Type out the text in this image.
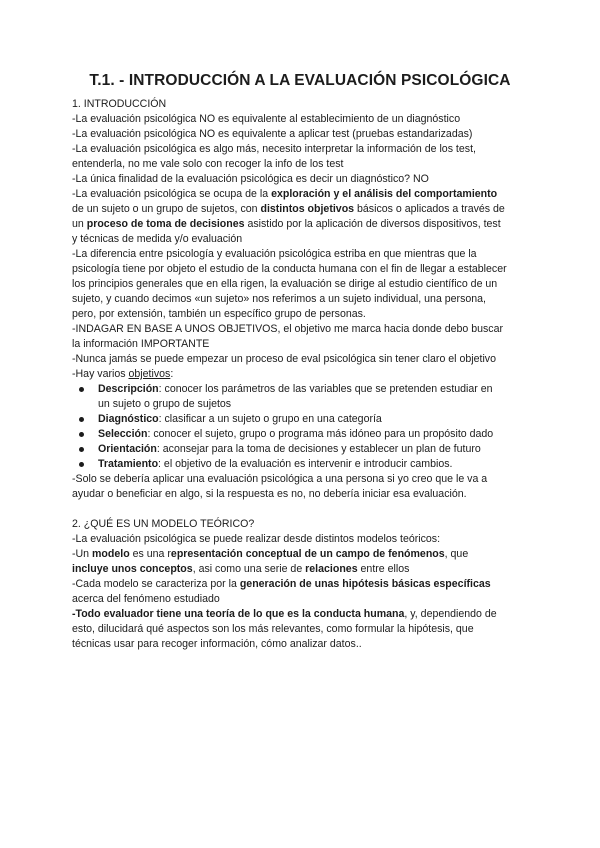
T.1. - INTRODUCCIÓN A LA EVALUACIÓN PSICOLÓGICA

1. INTRODUCCIÓN

-La evaluación psicológica NO es equivalente al establecimiento de un diagnóstico

-La evaluación psicológica NO es equivalente a aplicar test (pruebas estandarizadas)

-La evaluación psicológica es algo más, necesito interpretar la información de los test,

entenderla, no me vale solo con recoger la info de los test

-La única finalidad de la evaluación psicológica es decir un diagnóstico? NO

-La evaluación psicológica se ocupa de la exploración y el análisis del comportamiento

de un sujeto o un grupo de sujetos, con distintos objetivos básicos o aplicados a través de

un proceso de toma de decisiones asistido por la aplicación de diversos dispositivos, test

y técnicas de medida y/o evaluación

-La diferencia entre psicología y evaluación psicológica estriba en que mientras que la

psicología tiene por objeto el estudio de la conducta humana con el fin de llegar a establecer

los principios generales que en ella rigen, la evaluación se dirige al estudio científico de un

sujeto, y cuando decimos «un sujeto» nos referimos a un sujeto individual, una persona,

pero, por extensión, también un específico grupo de personas.

-INDAGAR EN BASE A UNOS OBJETIVOS, el objetivo me marca hacia donde debo buscar

la información IMPORTANTE

-Nunca jamás se puede empezar un proceso de eval psicológica sin tener claro el objetivo

-Hay varios objetivos:

Descripción: conocer los parámetros de las variables que se pretenden estudiar en
un sujeto o grupo de sujetos
Diagnóstico: clasificar a un sujeto o grupo en una categoría
Selección: conocer el sujeto, grupo o programa más idóneo para un propósito dado
Orientación: aconsejar para la toma de decisiones y establecer un plan de futuro
Tratamiento: el objetivo de la evaluación es intervenir e introducir cambios.

-Solo se debería aplicar una evaluación psicológica a una persona si yo creo que le va a

ayudar o beneficiar en algo, si la respuesta es no, no debería iniciar esa evaluación.

2. ¿QUÉ ES UN MODELO TEÓRICO?

-La evaluación psicológica se puede realizar desde distintos modelos teóricos:

-Un modelo es una representación conceptual de un campo de fenómenos, que

incluye unos conceptos, asi como una serie de relaciones entre ellos

-Cada modelo se caracteriza por la generación de unas hipótesis básicas específicas

acerca del fenómeno estudiado

-Todo evaluador tiene una teoría de lo que es la conducta humana, y, dependiendo de

esto, dilucidará qué aspectos son los más relevantes, como formular la hipótesis, que

técnicas usar para recoger información, cómo analizar datos..
